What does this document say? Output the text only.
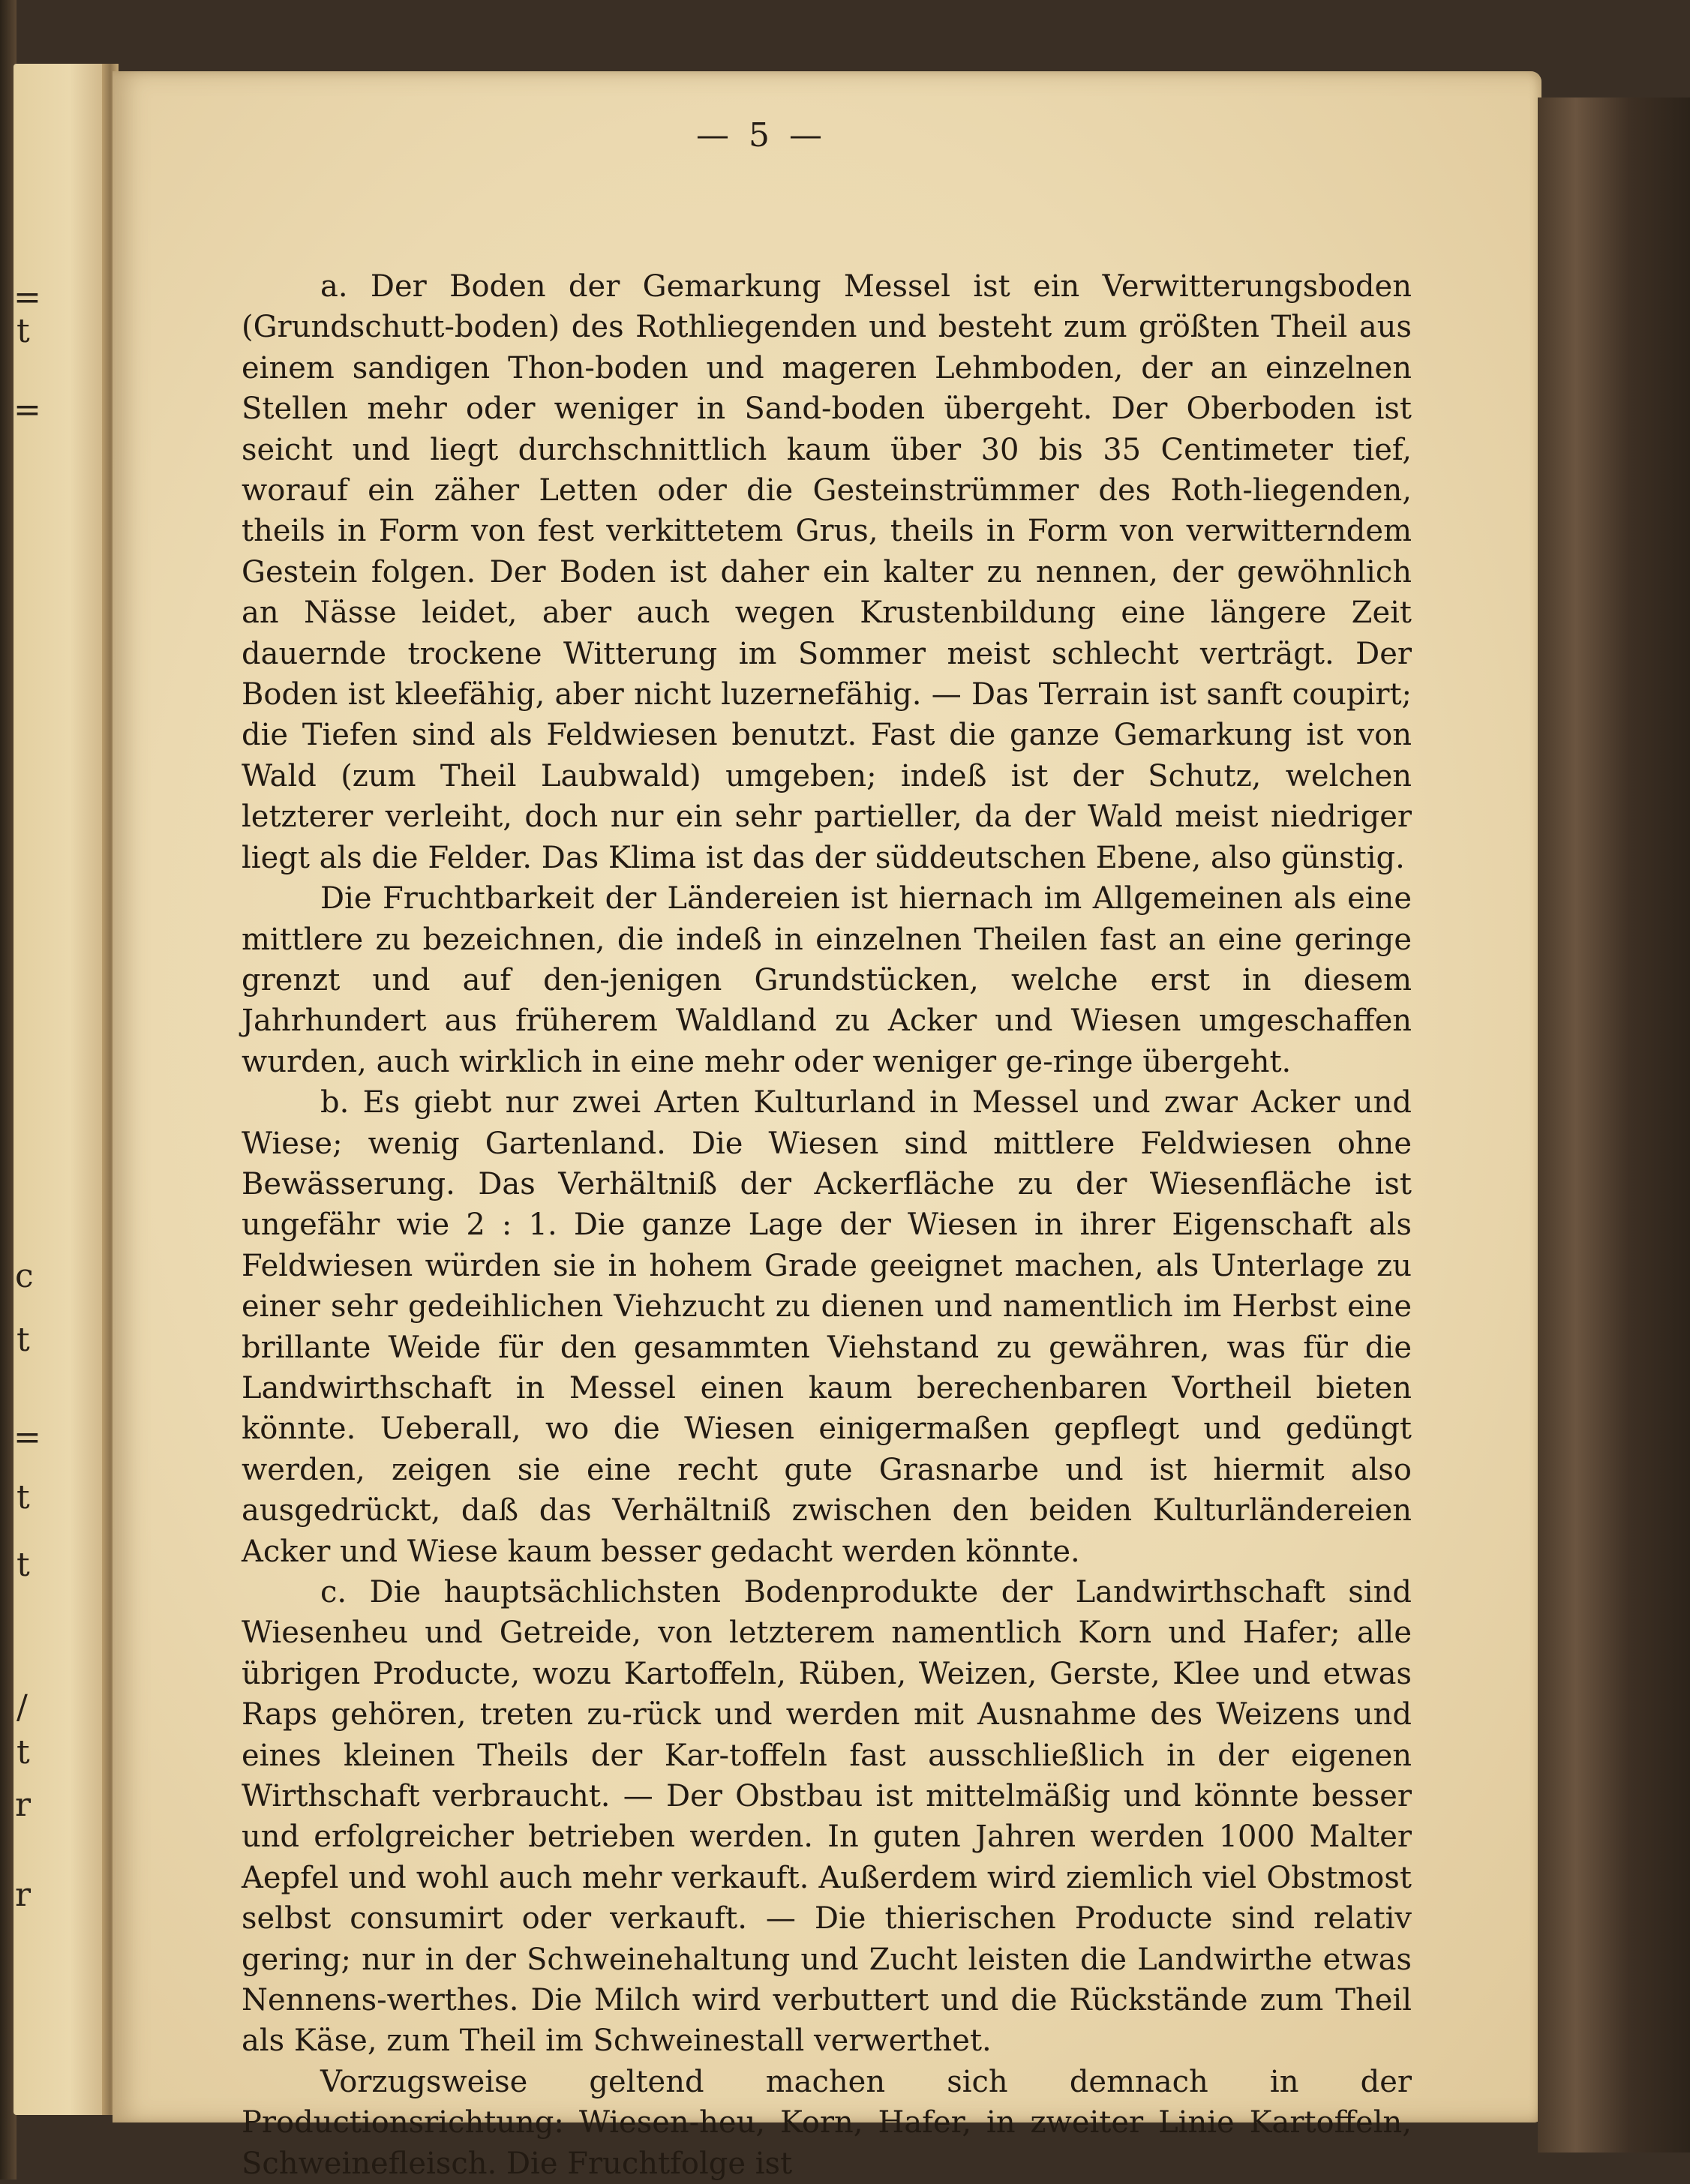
=
t
=
c
t
=
t
t
/
t
r
r
— 5 —

a. Der Boden der Gemarkung Messel ist ein Verwitterungsboden (Grundschutt-boden) des Rothliegenden und besteht zum größten Theil aus einem sandigen Thon-boden und mageren Lehmboden, der an einzelnen Stellen mehr oder weniger in Sand-boden übergeht. Der Oberboden ist seicht und liegt durchschnittlich kaum über 30 bis 35 Centimeter tief, worauf ein zäher Letten oder die Gesteinstrümmer des Roth-liegenden, theils in Form von fest verkittetem Grus, theils in Form von verwitterndem Gestein folgen. Der Boden ist daher ein kalter zu nennen, der gewöhnlich an Nässe leidet, aber auch wegen Krustenbildung eine längere Zeit dauernde trockene Witterung im Sommer meist schlecht verträgt. Der Boden ist kleefähig, aber nicht luzernefähig. — Das Terrain ist sanft coupirt; die Tiefen sind als Feldwiesen benutzt. Fast die ganze Gemarkung ist von Wald (zum Theil Laubwald) umgeben; indeß ist der Schutz, welchen letzterer verleiht, doch nur ein sehr partieller, da der Wald meist niedriger liegt als die Felder. Das Klima ist das der süddeutschen Ebene, also günstig.

Die Fruchtbarkeit der Ländereien ist hiernach im Allgemeinen als eine mittlere zu bezeichnen, die indeß in einzelnen Theilen fast an eine geringe grenzt und auf den-jenigen Grundstücken, welche erst in diesem Jahrhundert aus früherem Waldland zu Acker und Wiesen umgeschaffen wurden, auch wirklich in eine mehr oder weniger ge-ringe übergeht.

b. Es giebt nur zwei Arten Kulturland in Messel und zwar Acker und Wiese; wenig Gartenland. Die Wiesen sind mittlere Feldwiesen ohne Bewässerung. Das Verhältniß der Ackerfläche zu der Wiesenfläche ist ungefähr wie 2 : 1. Die ganze Lage der Wiesen in ihrer Eigenschaft als Feldwiesen würden sie in hohem Grade geeignet machen, als Unterlage zu einer sehr gedeihlichen Viehzucht zu dienen und namentlich im Herbst eine brillante Weide für den gesammten Viehstand zu gewähren, was für die Landwirthschaft in Messel einen kaum berechenbaren Vortheil bieten könnte. Ueberall, wo die Wiesen einigermaßen gepflegt und gedüngt werden, zeigen sie eine recht gute Grasnarbe und ist hiermit also ausgedrückt, daß das Verhältniß zwischen den beiden Kulturländereien Acker und Wiese kaum besser gedacht werden könnte.

c. Die hauptsächlichsten Bodenprodukte der Landwirthschaft sind Wiesenheu und Getreide, von letzterem namentlich Korn und Hafer; alle übrigen Producte, wozu Kartoffeln, Rüben, Weizen, Gerste, Klee und etwas Raps gehören, treten zu-rück und werden mit Ausnahme des Weizens und eines kleinen Theils der Kar-toffeln fast ausschließlich in der eigenen Wirthschaft verbraucht. — Der Obstbau ist mittelmäßig und könnte besser und erfolgreicher betrieben werden. In guten Jahren werden 1000 Malter Aepfel und wohl auch mehr verkauft. Außerdem wird ziemlich viel Obstmost selbst consumirt oder verkauft. — Die thierischen Producte sind relativ gering; nur in der Schweinehaltung und Zucht leisten die Landwirthe etwas Nennens-werthes. Die Milch wird verbuttert und die Rückstände zum Theil als Käse, zum Theil im Schweinestall verwerthet.

Vorzugsweise geltend machen sich demnach in der Productionsrichtung: Wiesen-heu, Korn, Hafer, in zweiter Linie Kartoffeln, Schweinefleisch. Die Fruchtfolge ist
